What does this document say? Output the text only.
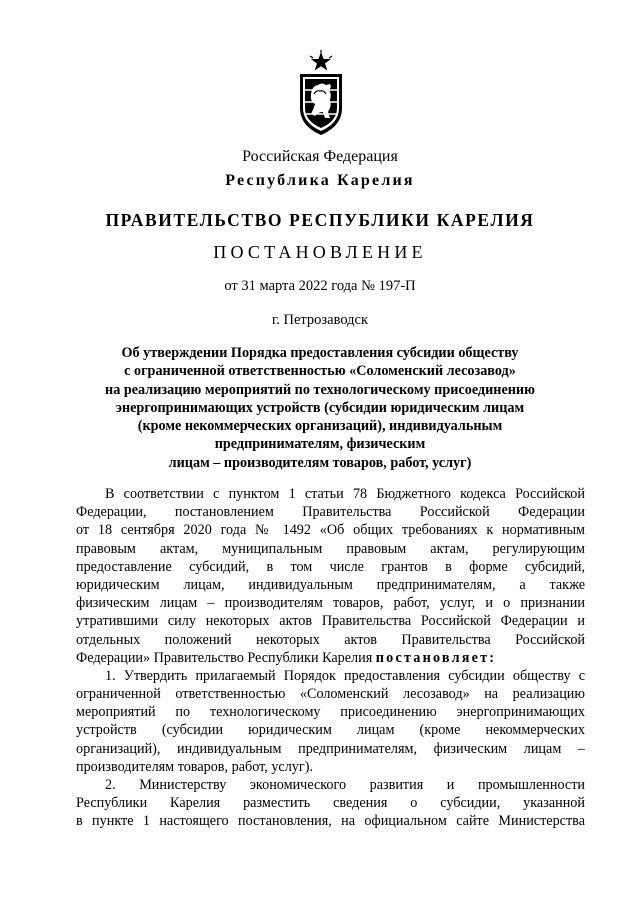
Российская Федерация
Республика Карелия
ПРАВИТЕЛЬСТВО РЕСПУБЛИКИ КАРЕЛИЯ
ПОСТАНОВЛЕНИЕ
от 31 марта 2022 года № 197-П
г. Петрозаводск
Об утверждении Порядка предоставления субсидии обществу
с ограниченной ответственностью «Соломенский лесозавод»
на реализацию мероприятий по технологическому присоединению
энергопринимающих устройств (субсидии юридическим лицам
(кроме некоммерческих организаций), индивидуальным
предпринимателям, физическим
лицам – производителям товаров, работ, услуг)
В соответствии с пунктом 1 статьи 78 Бюджетного кодекса Российской
Федерации, постановлением Правительства Российской Федерации
от 18 сентября 2020 года № 1492 «Об общих требованиях к нормативным
правовым актам, муниципальным правовым актам, регулирующим
предоставление субсидий, в том числе грантов в форме субсидий,
юридическим лицам, индивидуальным предпринимателям, а также
физическим лицам – производителям товаров, работ, услуг, и о признании
утратившими силу некоторых актов Правительства Российской Федерации и
отдельных положений некоторых актов Правительства Российской
Федерации» Правительство Республики Карелия постановляет:
1. Утвердить прилагаемый Порядок предоставления субсидии обществу с
ограниченной ответственностью «Соломенский лесозавод» на реализацию
мероприятий по технологическому присоединению энергопринимающих
устройств (субсидии юридическим лицам (кроме некоммерческих
организаций), индивидуальным предпринимателям, физическим лицам –
производителям товаров, работ, услуг).
2. Министерству экономического развития и промышленности
Республики Карелия разместить сведения о субсидии, указанной
в пункте 1 настоящего постановления, на официальном сайте Министерства
